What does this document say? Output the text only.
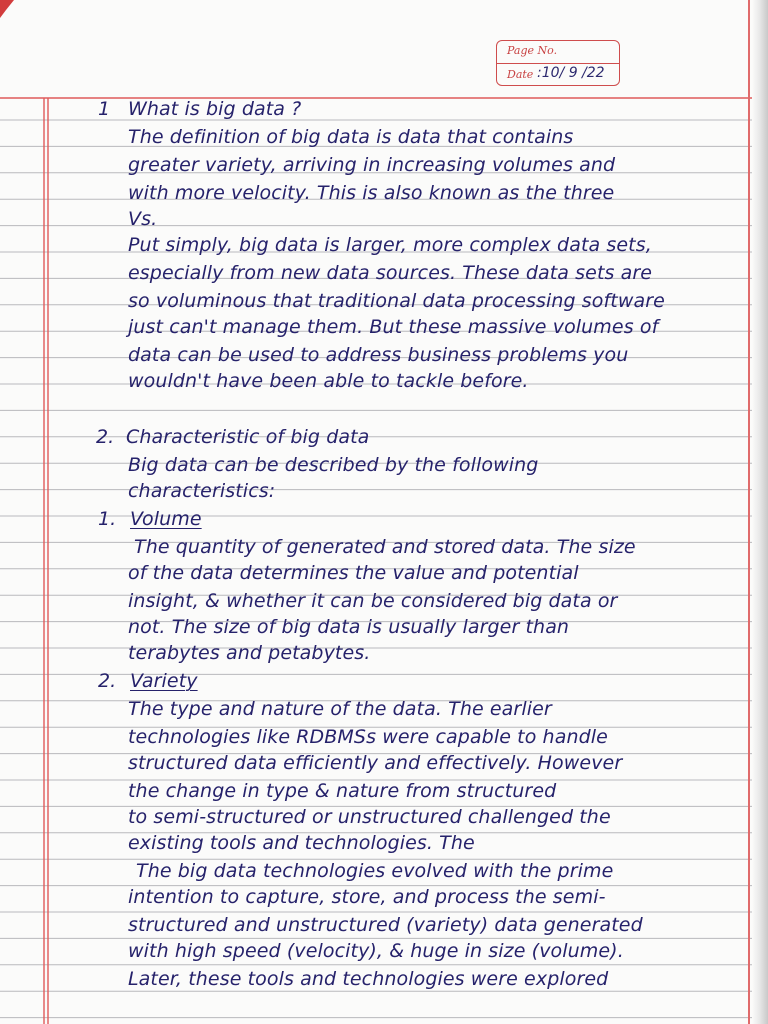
Page No.
Date :10/ 9 /22
1 What is big data ?
The definition of big data is data that contains
greater variety, arriving in increasing volumes and
with more velocity. This is also known as the three
Vs.
Put simply, big data is larger, more complex data sets,
especially from new data sources. These data sets are
so voluminous that traditional data processing software
just can't manage them. But these massive volumes of
data can be used to address business problems you
wouldn't have been able to tackle before.
2. Characteristic of big data
Big data can be described by the following
characteristics:
1. Volume
The quantity of generated and stored data. The size
of the data determines the value and potential
insight, & whether it can be considered big data or
not. The size of big data is usually larger than
terabytes and petabytes.
2. Variety
The type and nature of the data. The earlier
technologies like RDBMSs were capable to handle
structured data efficiently and effectively. However
the change in type & nature from structured
to semi-structured or unstructured challenged the
existing tools and technologies. The
The big data technologies evolved with the prime
intention to capture, store, and process the semi-
structured and unstructured (variety) data generated
with high speed (velocity), & huge in size (volume).
Later, these tools and technologies were explored
